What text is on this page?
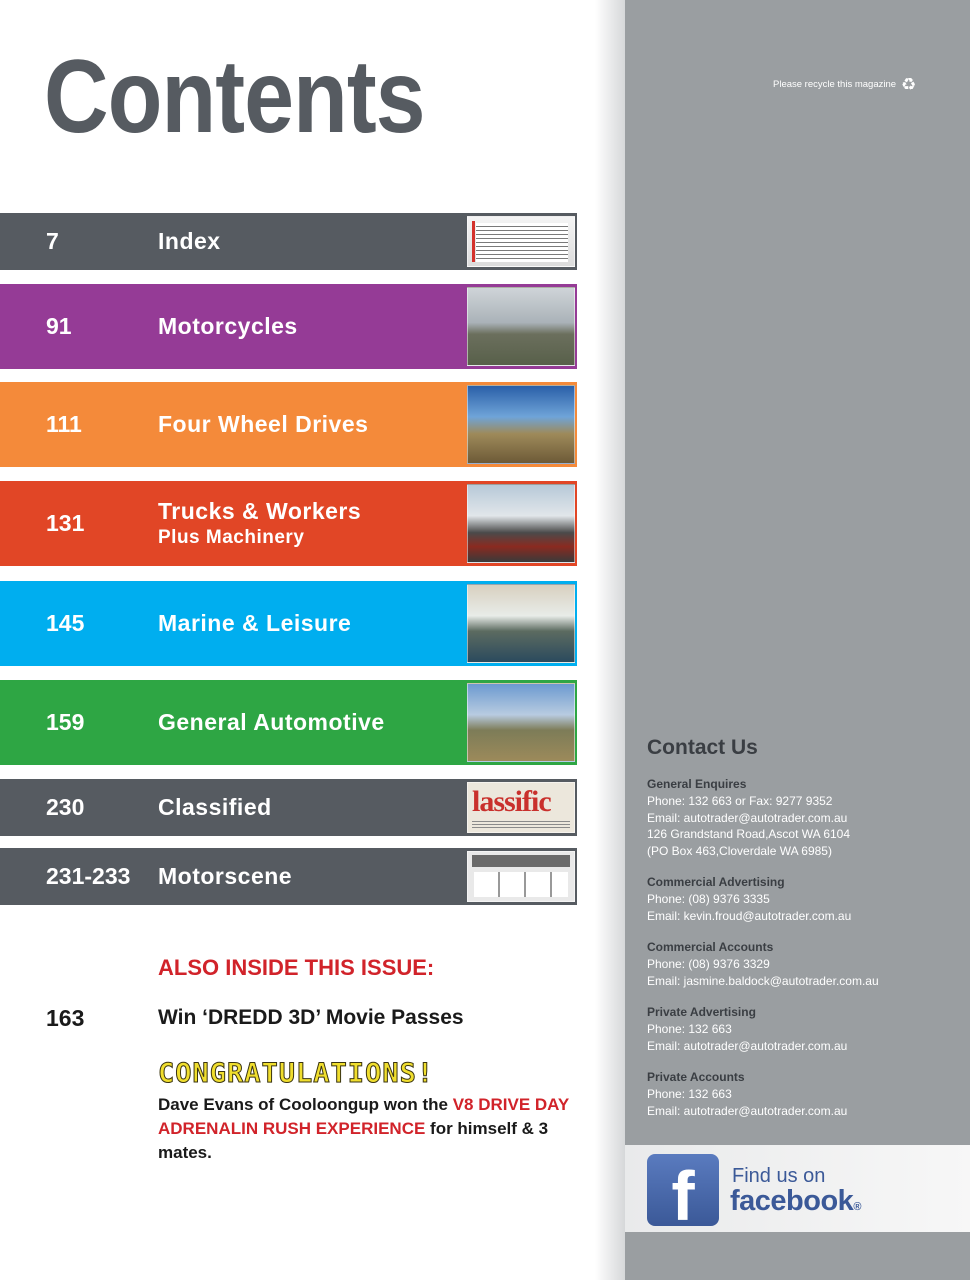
Please recycle this magazine ♻
Contents
7	Index
91	Motorcycles
111	Four Wheel Drives
131	Trucks & Workers
Plus Machinery
145	Marine & Leisure
159	General Automotive
230	Classified	lassific
231-233 Motorscene
ALSO INSIDE THIS ISSUE:
163	Win ‘DREDD 3D’ Movie Passes
CONGRATULATIONS!
Dave Evans of Cooloongup won the V8 DRIVE DAY ADRENALIN RUSH EXPERIENCE for himself & 3 mates.
Contact Us
General Enquires
Phone: 132 663 or Fax: 9277 9352
Email: autotrader@autotrader.com.au
126 Grandstand Road,Ascot WA 6104
(PO Box 463,Cloverdale WA 6985)
Commercial Advertising
Phone: (08) 9376 3335
Email: kevin.froud@autotrader.com.au
Commercial Accounts
Phone: (08) 9376 3329
Email: jasmine.baldock@autotrader.com.au
Private Advertising
Phone: 132 663
Email: autotrader@autotrader.com.au
Private Accounts
Phone: 132 663
Email: autotrader@autotrader.com.au
f	Find us on
facebook®
